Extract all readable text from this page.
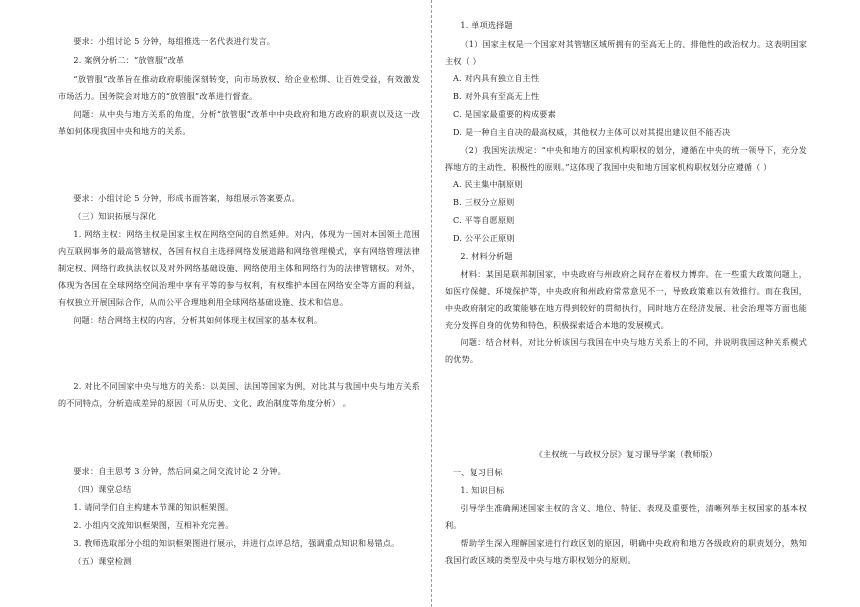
要求：小组讨论 5 分钟，每组推选一名代表进行发言。

2. 案例分析二：“放管服”改革

“放管服”改革旨在推动政府职能深刻转变，向市场放权、给企业松绑、让百姓受益，有效激发市场活力。国务院会对地方的“放管服”改革进行督查。

问题：从中央与地方关系的角度，分析“放管服”改革中中央政府和地方政府的职责以及这一改革如何体现我国中央和地方的关系。

要求：小组讨论 5 分钟，形成书面答案，每组展示答案要点。

（三）知识拓展与深化

1. 网络主权：网络主权是国家主权在网络空间的自然延伸。对内，体现为一国对本国领土范围内互联网事务的最高管辖权，各国有权自主选择网络发展道路和网络管理模式，享有网络管理法律制定权、网络行政执法权以及对外网络基础设施、网络使用主体和网络行为的法律管辖权。对外，体现为各国在全球网络空间治理中享有平等的参与权利，有权维护本国在网络安全等方面的利益，有权独立开展国际合作，从而公平合理地利用全球网络基础设施、技术和信息。

问题：结合网络主权的内容，分析其如何体现主权国家的基本权利。

2. 对比不同国家中央与地方的关系：以美国、法国等国家为例，对比其与我国中央与地方关系的不同特点，分析造成差异的原因（可从历史、文化、政治制度等角度分析） 。

要求：自主思考 3 分钟，然后同桌之间交流讨论 2 分钟。

（四）课堂总结

1. 请同学们自主构建本节课的知识框架图。

2. 小组内交流知识框架图，互相补充完善。

3. 教师选取部分小组的知识框架图进行展示，并进行点评总结，强调重点知识和易错点。

（五）课堂检测

1. 单项选择题

（1）国家主权是一个国家对其管辖区域所拥有的至高无上的、排他性的政治权力。这表明国家主权（ ）

A. 对内具有独立自主性

B. 对外具有至高无上性

C. 是国家最重要的构成要素

D. 是一种自主自决的最高权威，其他权力主体可以对其提出建议但不能否决

（2）我国宪法规定：“中央和地方的国家机构职权的划分，遵循在中央的统一领导下，充分发挥地方的主动性、积极性的原则。”这体现了我国中央和地方国家机构职权划分应遵循（ ）

A. 民主集中制原则

B. 三权分立原则

C. 平等自愿原则

D. 公平公正原则

2. 材料分析题

材料：某国是联邦制国家，中央政府与州政府之间存在着权力博弈。在一些重大政策问题上，如医疗保健、环境保护等，中央政府和州政府常常意见不一，导致政策难以有效推行。而在我国，中央政府制定的政策能够在地方得到较好的贯彻执行，同时地方在经济发展、社会治理等方面也能充分发挥自身的优势和特色，积极探索适合本地的发展模式。

问题：结合材料，对比分析该国与我国在中央与地方关系上的不同，并说明我国这种关系模式的优势。

《主权统一与政权分层》复习课导学案（教师版）

一、复习目标

1. 知识目标

引导学生准确阐述国家主权的含义、地位、特征、表现及重要性，清晰列举主权国家的基本权利。

帮助学生深入理解国家进行行政区划的原因，明确中央政府和地方各级政府的职责划分，熟知我国行政区域的类型及中央与地方职权划分的原则。
